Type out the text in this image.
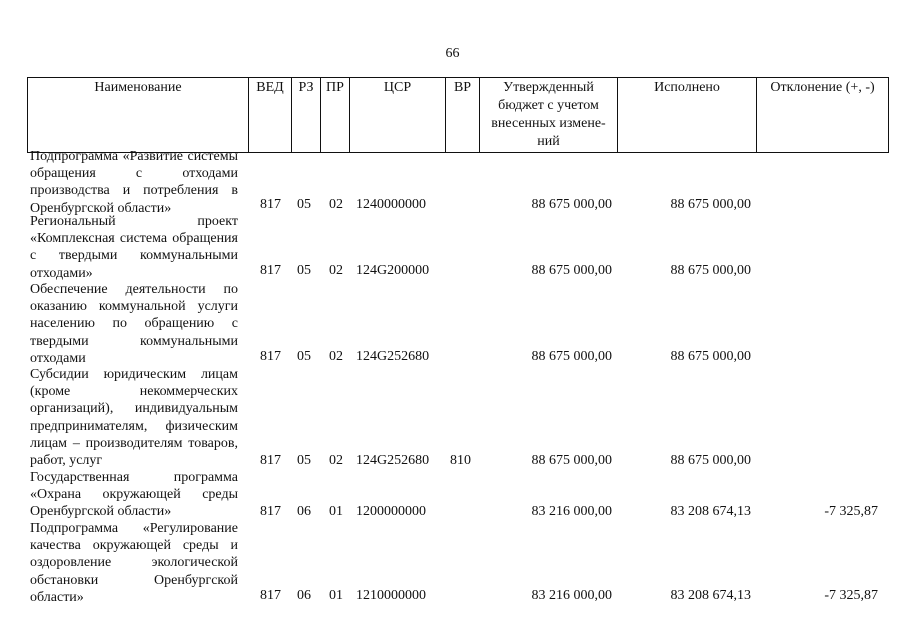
66
Наименование	ВЕД	РЗ	ПР	ЦСР	ВР	Утвержденный бюджет с учетом внесенных измене-ний	Исполнено	Отклонение (+, -)
Подпрограмма «Развитие системы обращения с отходами производства и потребления в Оренбургской области»	817 05 02 1240000000	88 675 000,00	88 675 000,00
Региональный проект «Комплексная система обращения с твердыми коммунальными отходами»	817 05 02 124G200000	88 675 000,00	88 675 000,00
Обеспечение деятельности по оказанию коммунальной услуги населению по обращению с твердыми коммунальными отходами	817 05 02 124G252680	88 675 000,00	88 675 000,00
Субсидии юридическим лицам (кроме некоммерческих организаций), индивидуальным предпринимателям, физическим лицам – производителям товаров, работ, услуг	817 05 02 124G252680 810	88 675 000,00	88 675 000,00
Государственная программа «Охрана окружающей среды Оренбургской области»	817 06 01 1200000000	83 216 000,00	83 208 674,13	-7 325,87
Подпрограмма «Регулирование качества окружающей среды и оздоровление экологической обстановки Оренбургской области»	817 06 01 1210000000	83 216 000,00	83 208 674,13	-7 325,87
